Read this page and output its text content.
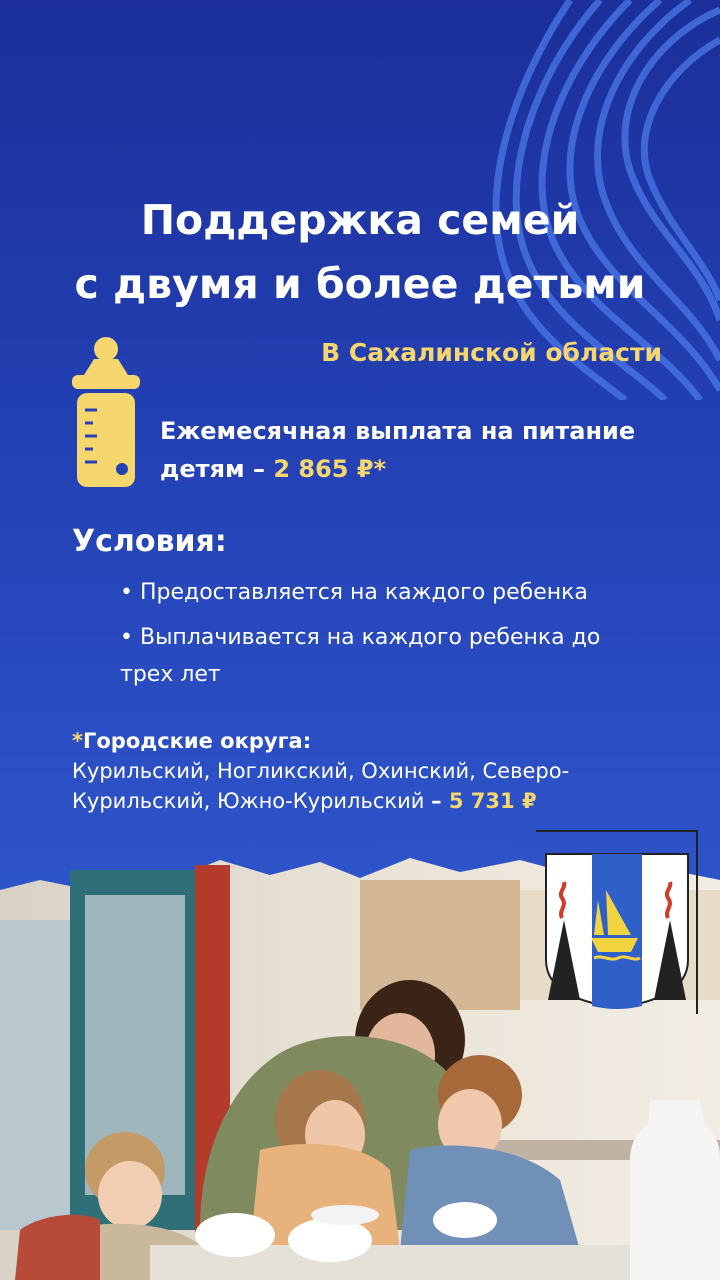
Поддержка семей
с двумя и более детьми
В Сахалинской области
Ежемесячная выплата на питание
детям – 2 865 ₽*
Условия:
• Предоставляется на каждого ребенка
• Выплачивается на каждого ребенка до трех лет
*Городские округа:
Курильский, Ногликский, Охинский, Северо-Курильский, Южно-Курильский – 5 731 ₽
